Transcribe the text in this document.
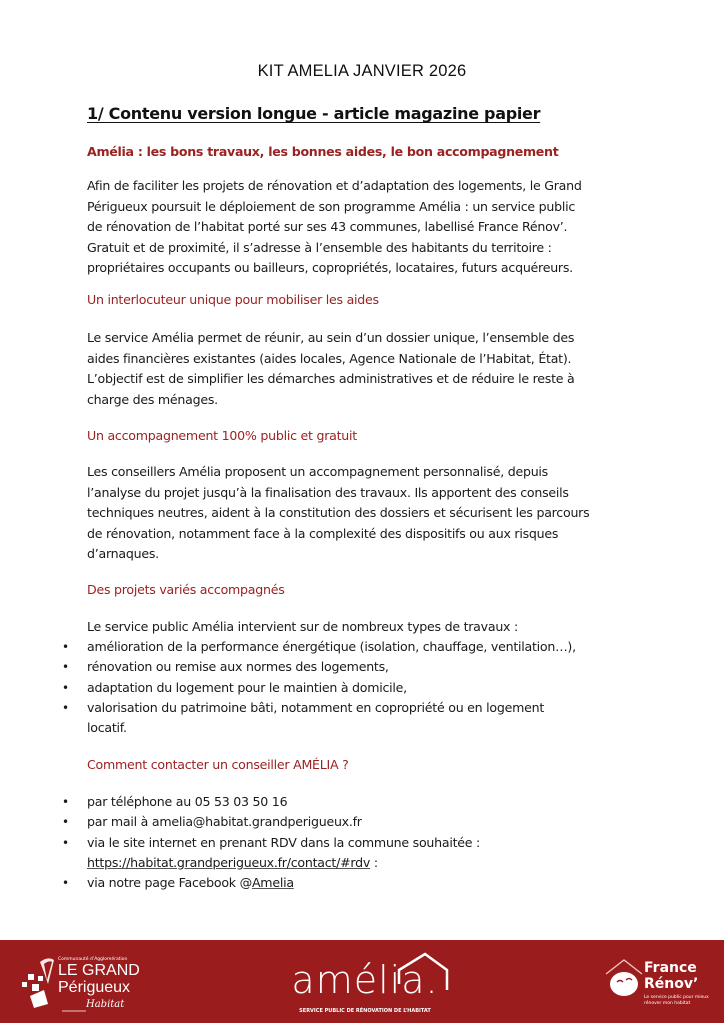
KIT AMELIA JANVIER 2026
1/ Contenu version longue - article magazine papier
Amélia : les bons travaux, les bonnes aides, le bon accompagnement
Afin de faciliter les projets de rénovation et d’adaptation des logements, le Grand
Périgueux poursuit le déploiement de son programme Amélia : un service public
de rénovation de l’habitat porté sur ses 43 communes, labellisé France Rénov’.
Gratuit et de proximité, il s’adresse à l’ensemble des habitants du territoire :
propriétaires occupants ou bailleurs, copropriétés, locataires, futurs acquéreurs.
Un interlocuteur unique pour mobiliser les aides
Le service Amélia permet de réunir, au sein d’un dossier unique, l’ensemble des
aides financières existantes (aides locales, Agence Nationale de l’Habitat, État).
L’objectif est de simplifier les démarches administratives et de réduire le reste à
charge des ménages.
Un accompagnement 100% public et gratuit
Les conseillers Amélia proposent un accompagnement personnalisé, depuis
l’analyse du projet jusqu’à la finalisation des travaux. Ils apportent des conseils
techniques neutres, aident à la constitution des dossiers et sécurisent les parcours
de rénovation, notamment face à la complexité des dispositifs ou aux risques
d’arnaques.
Des projets variés accompagnés
Le service public Amélia intervient sur de nombreux types de travaux :
• amélioration de la performance énergétique (isolation, chauffage, ventilation…),
• rénovation ou remise aux normes des logements,
• adaptation du logement pour le maintien à domicile,
• valorisation du patrimoine bâti, notamment en copropriété ou en logement
locatif.
Comment contacter un conseiller AMÉLIA ?
• par téléphone au 05 53 03 50 16
• par mail à amelia@habitat.grandperigueux.fr
• via le site internet en prenant RDV dans la commune souhaitée :
https://habitat.grandperigueux.fr/contact/#rdv :
• via notre page Facebook @Amelia
Communauté d’Agglomération
LE GRAND
Périgueux
Habitat
amélia.
SERVICE PUBLIC DE RÉNOVATION DE L’HABITAT
France
Rénov’
Le service public pour mieux
rénover mon habitat
